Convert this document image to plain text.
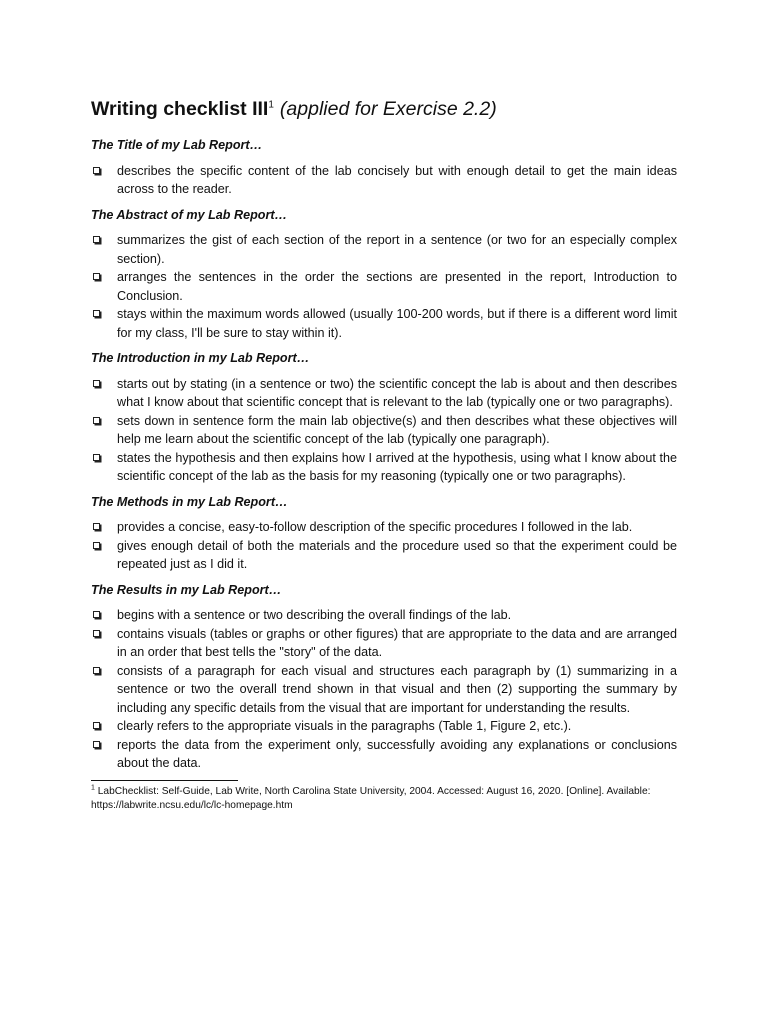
Writing checklist III$^1$ (applied for Exercise 2.2)
The Title of my Lab Report…
describes the specific content of the lab concisely but with enough detail to get the main ideas across to the reader.
The Abstract of my Lab Report…
summarizes the gist of each section of the report in a sentence (or two for an especially complex section).
arranges the sentences in the order the sections are presented in the report, Introduction to Conclusion.
stays within the maximum words allowed (usually 100-200 words, but if there is a different word limit for my class, I'll be sure to stay within it).
The Introduction in my Lab Report…
starts out by stating (in a sentence or two) the scientific concept the lab is about and then describes what I know about that scientific concept that is relevant to the lab (typically one or two paragraphs).
sets down in sentence form the main lab objective(s) and then describes what these objectives will help me learn about the scientific concept of the lab (typically one paragraph).
states the hypothesis and then explains how I arrived at the hypothesis, using what I know about the scientific concept of the lab as the basis for my reasoning (typically one or two paragraphs).
The Methods in my Lab Report…
provides a concise, easy-to-follow description of the specific procedures I followed in the lab.
gives enough detail of both the materials and the procedure used so that the experiment could be repeated just as I did it.
The Results in my Lab Report…
begins with a sentence or two describing the overall findings of the lab.
contains visuals (tables or graphs or other figures) that are appropriate to the data and are arranged in an order that best tells the "story" of the data.
consists of a paragraph for each visual and structures each paragraph by (1) summarizing in a sentence or two the overall trend shown in that visual and then (2) supporting the summary by including any specific details from the visual that are important for understanding the results.
clearly refers to the appropriate visuals in the paragraphs (Table 1, Figure 2, etc.).
reports the data from the experiment only, successfully avoiding any explanations or conclusions about the data.

$^1$ LabChecklist: Self-Guide, Lab Write, North Carolina State University, 2004. Accessed: August 16, 2020. [Online]. Available: https://labwrite.ncsu.edu/lc/lc-homepage.htm
